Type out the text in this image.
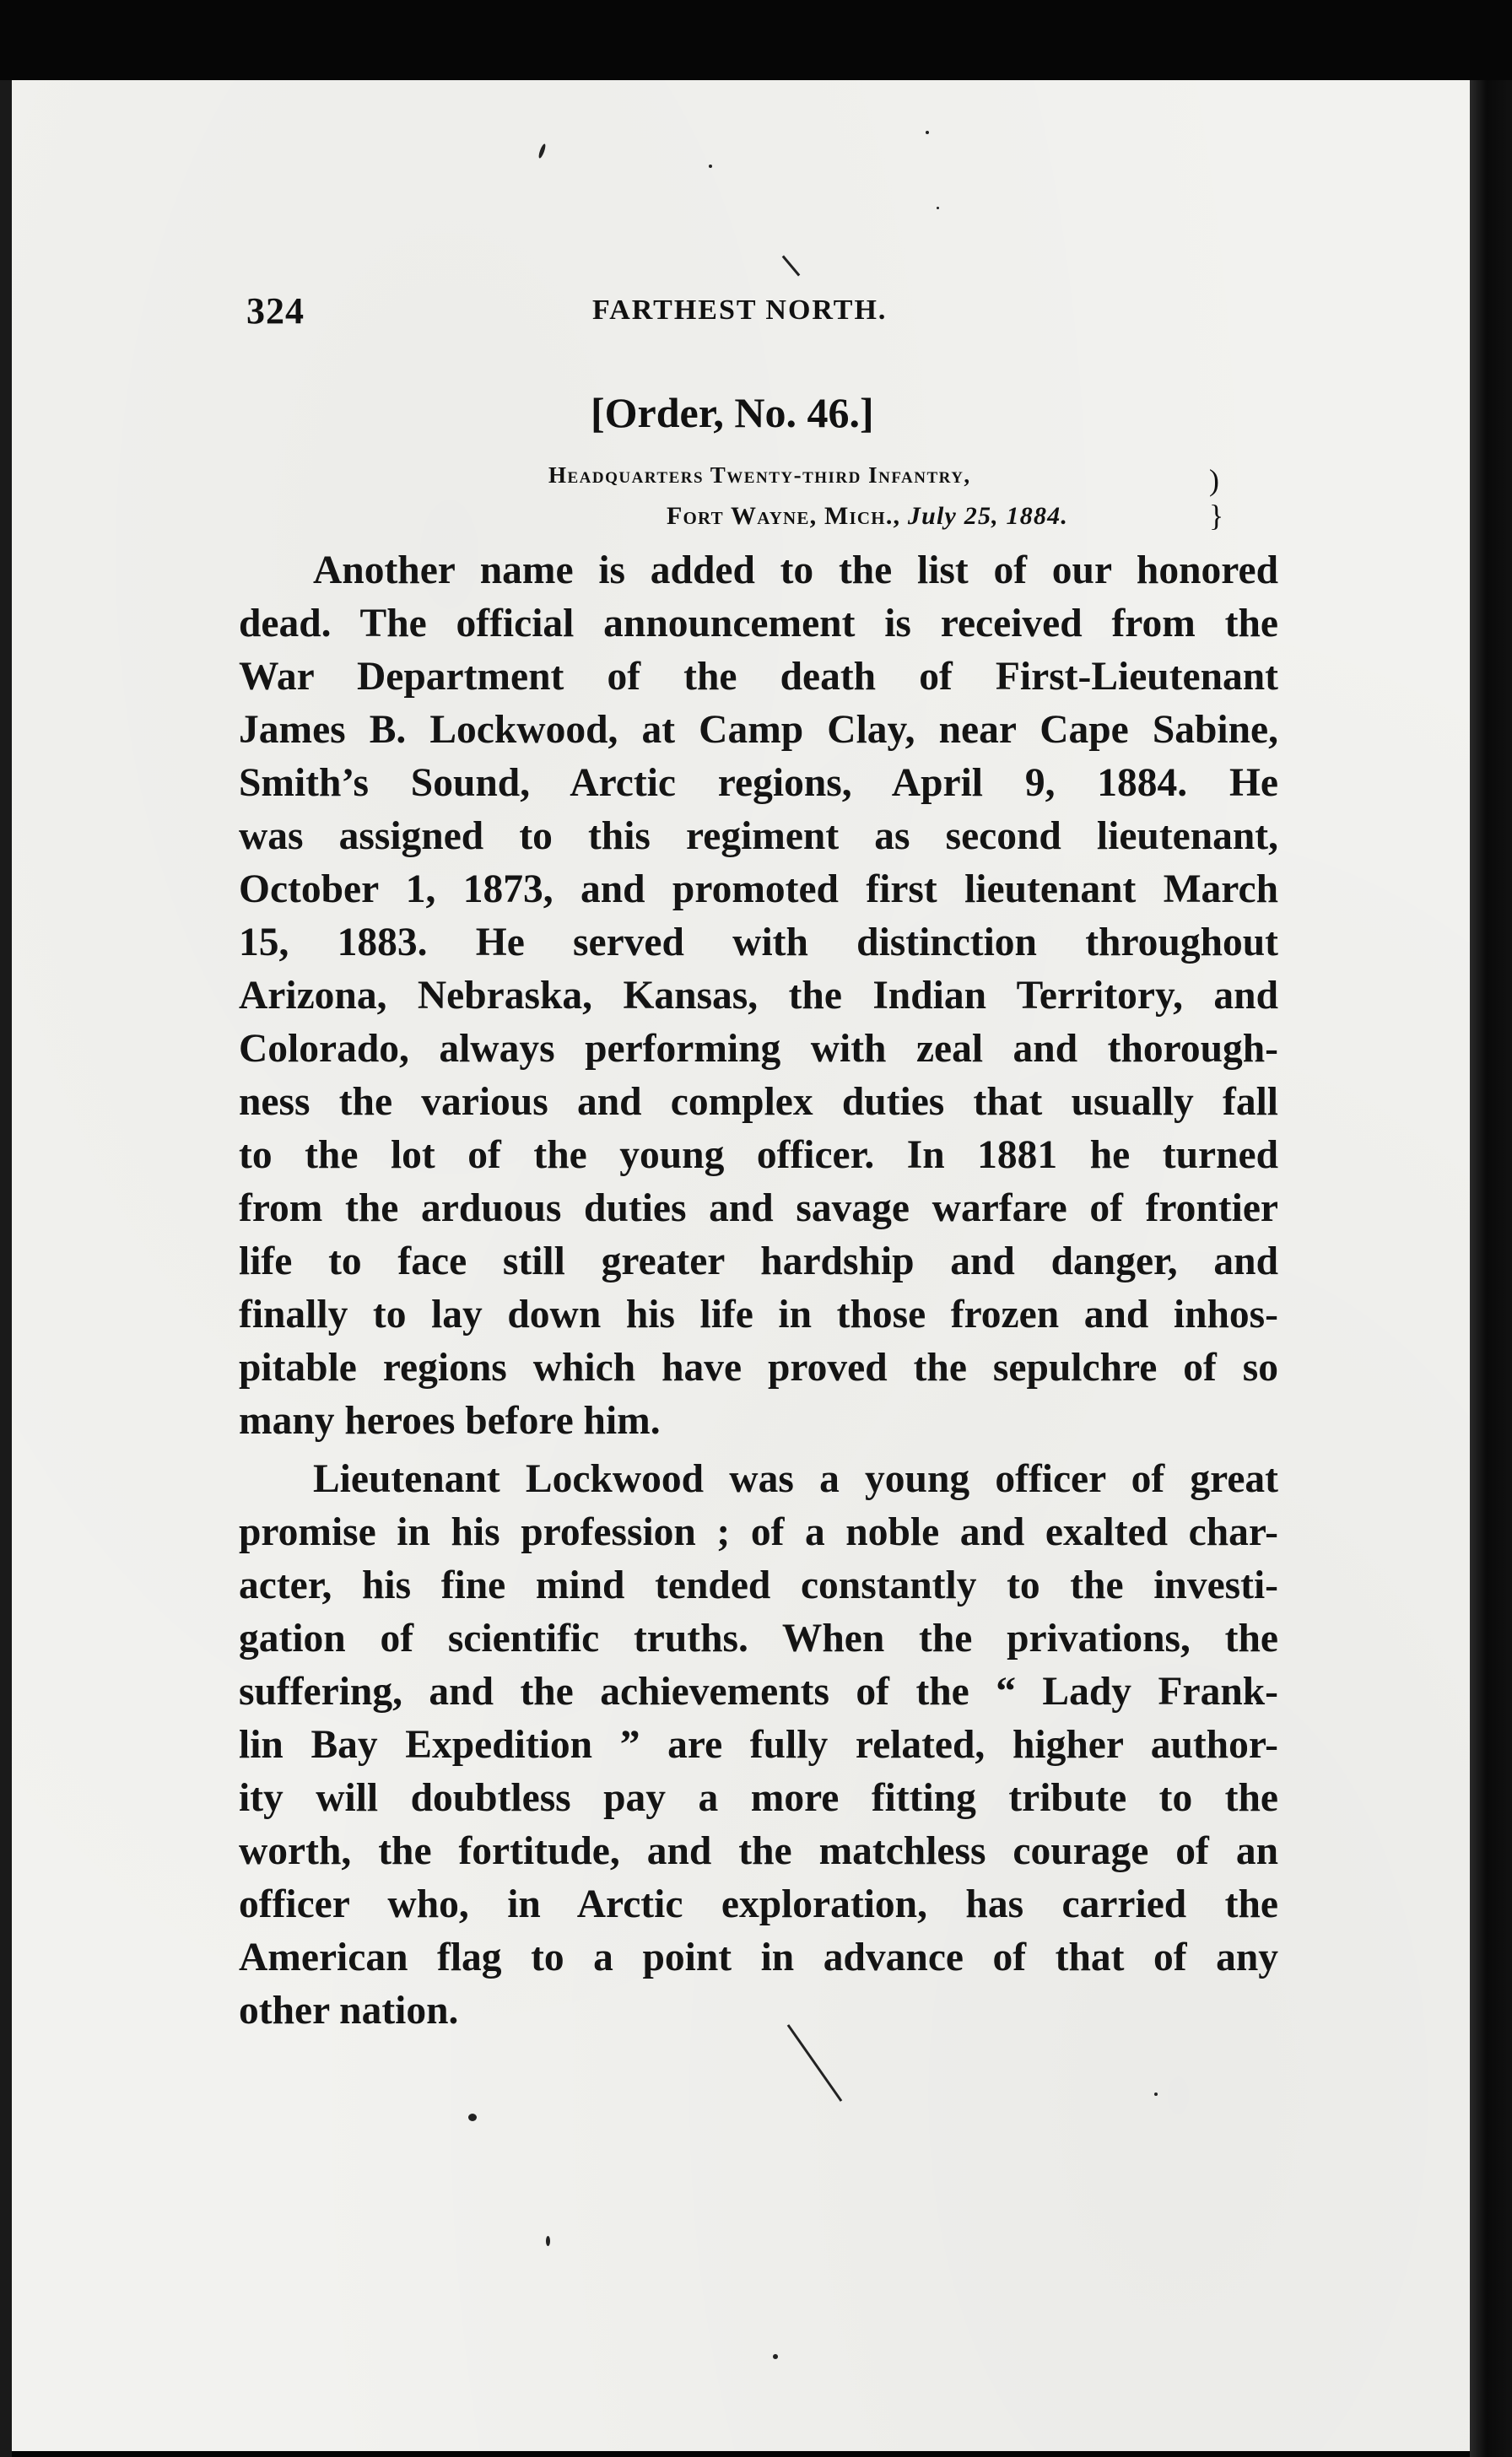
324	FARTHEST NORTH.
[Order, No. 46.]
Headquarters Twenty-third Infantry,
Fort Wayne, Mich., July 25, 1884.
)
}
Another name is added to the list of our honored
dead. The official announcement is received from the
War Department of the death of First-Lieutenant
James B. Lockwood, at Camp Clay, near Cape Sabine,
Smith’s Sound, Arctic regions, April 9, 1884. He
was assigned to this regiment as second lieutenant,
October 1, 1873, and promoted first lieutenant March
15, 1883. He served with distinction throughout
Arizona, Nebraska, Kansas, the Indian Territory, and
Colorado, always performing with zeal and thorough-
ness the various and complex duties that usually fall
to the lot of the young officer. In 1881 he turned
from the arduous duties and savage warfare of frontier
life to face still greater hardship and danger, and
finally to lay down his life in those frozen and inhos-
pitable regions which have proved the sepulchre of so
many heroes before him.
Lieutenant Lockwood was a young officer of great
promise in his profession ; of a noble and exalted char-
acter, his fine mind tended constantly to the investi-
gation of scientific truths. When the privations, the
suffering, and the achievements of the “ Lady Frank-
lin Bay Expedition ” are fully related, higher author-
ity will doubtless pay a more fitting tribute to the
worth, the fortitude, and the matchless courage of an
officer who, in Arctic exploration, has carried the
American flag to a point in advance of that of any
other nation.
